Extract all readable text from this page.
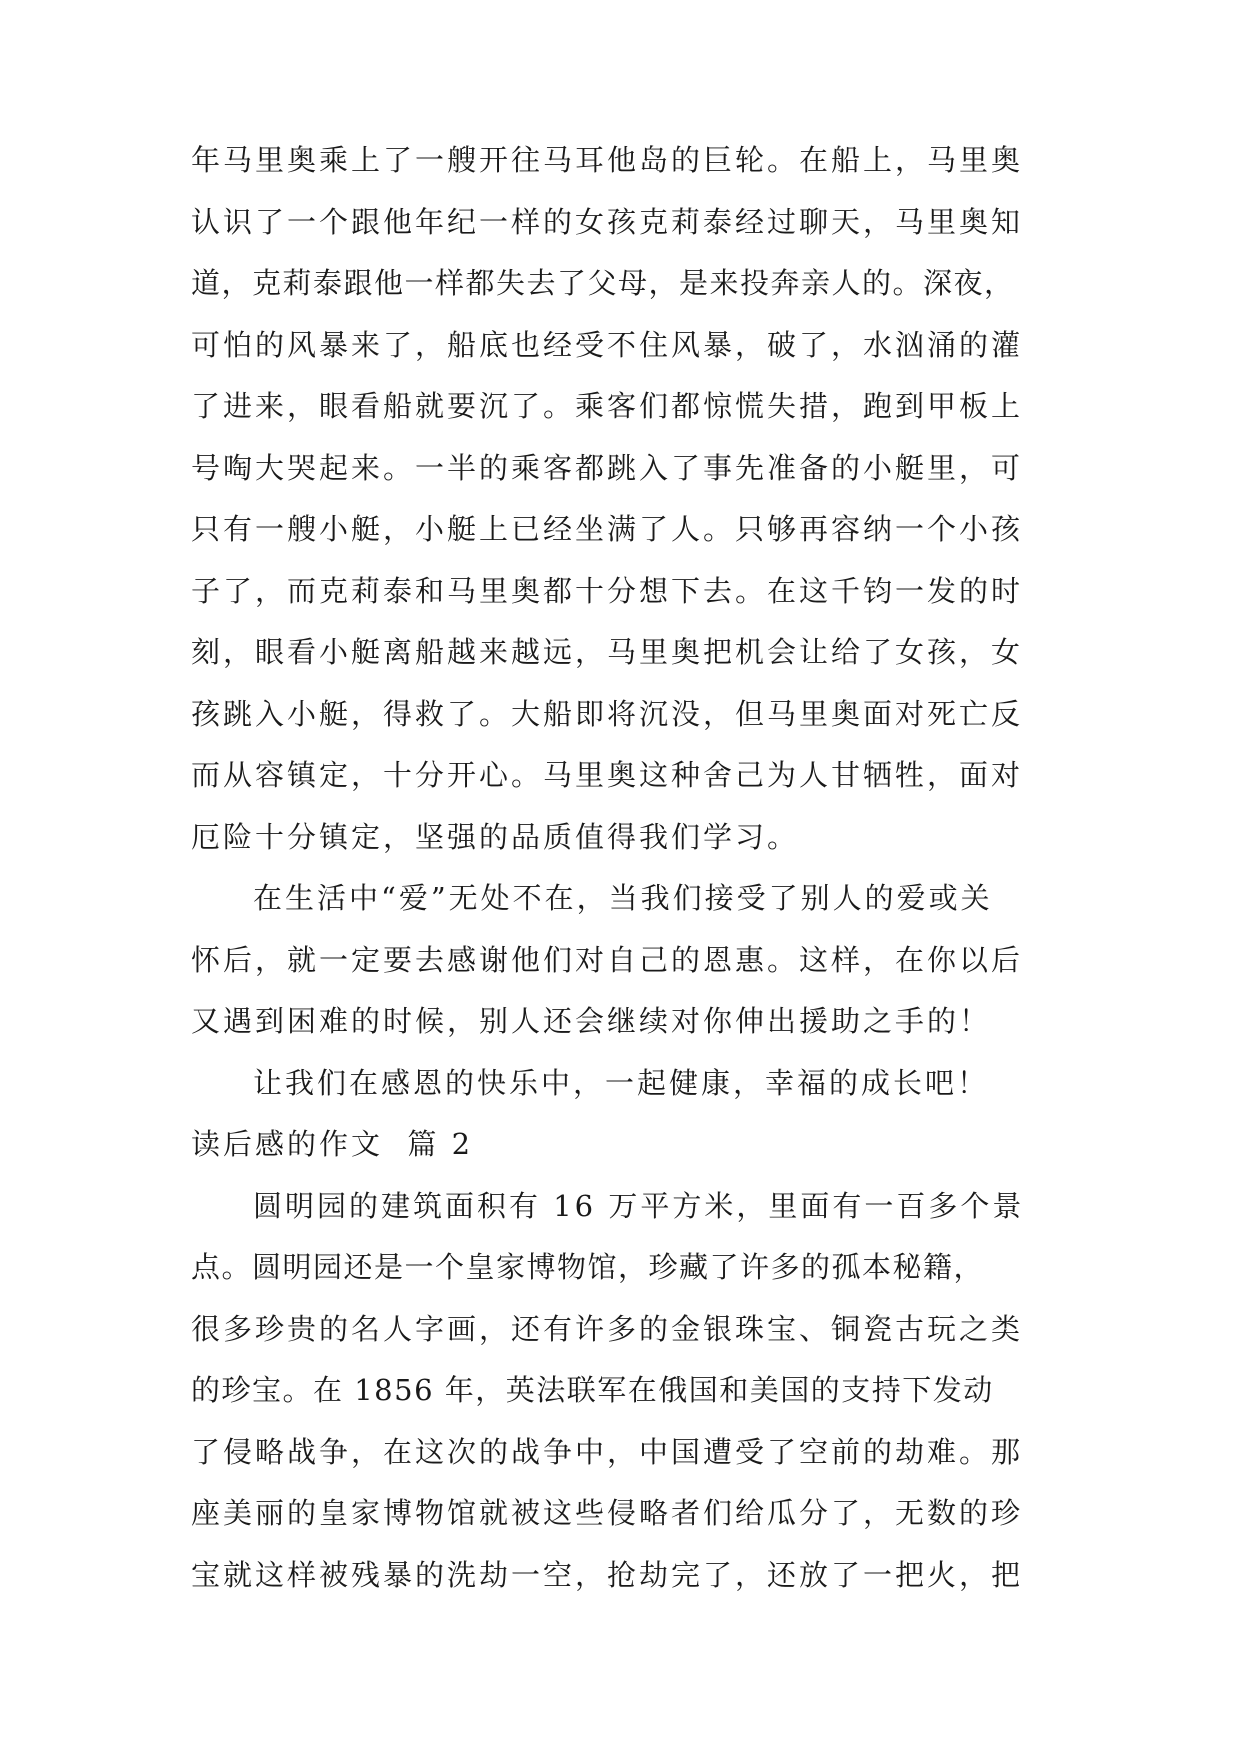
年马里奥乘上了一艘开往马耳他岛的巨轮。在船上，马里奥
认识了一个跟他年纪一样的女孩克莉泰经过聊天，马里奥知
道，克莉泰跟他一样都失去了父母，是来投奔亲人的。深夜，
可怕的风暴来了，船底也经受不住风暴，破了，水汹涌的灌
了进来，眼看船就要沉了。乘客们都惊慌失措，跑到甲板上
号啕大哭起来。一半的乘客都跳入了事先准备的小艇里，可
只有一艘小艇，小艇上已经坐满了人。只够再容纳一个小孩
子了，而克莉泰和马里奥都十分想下去。在这千钧一发的时
刻，眼看小艇离船越来越远，马里奥把机会让给了女孩，女
孩跳入小艇，得救了。大船即将沉没，但马里奥面对死亡反
而从容镇定，十分开心。马里奥这种舍己为人甘牺牲，面对
厄险十分镇定，坚强的品质值得我们学习。
在生活中“爱”无处不在，当我们接受了别人的爱或关
怀后，就一定要去感谢他们对自己的恩惠。这样，在你以后
又遇到困难的时候，别人还会继续对你伸出援助之手的！
让我们在感恩的快乐中，一起健康，幸福的成长吧！
读后感的作文  篇 2
圆明园的建筑面积有 16 万平方米，里面有一百多个景
点。圆明园还是一个皇家博物馆，珍藏了许多的孤本秘籍，
很多珍贵的名人字画，还有许多的金银珠宝、铜瓷古玩之类
的珍宝。在 1856 年，英法联军在俄国和美国的支持下发动
了侵略战争，在这次的战争中，中国遭受了空前的劫难。那
座美丽的皇家博物馆就被这些侵略者们给瓜分了，无数的珍
宝就这样被残暴的洗劫一空，抢劫完了，还放了一把火，把
